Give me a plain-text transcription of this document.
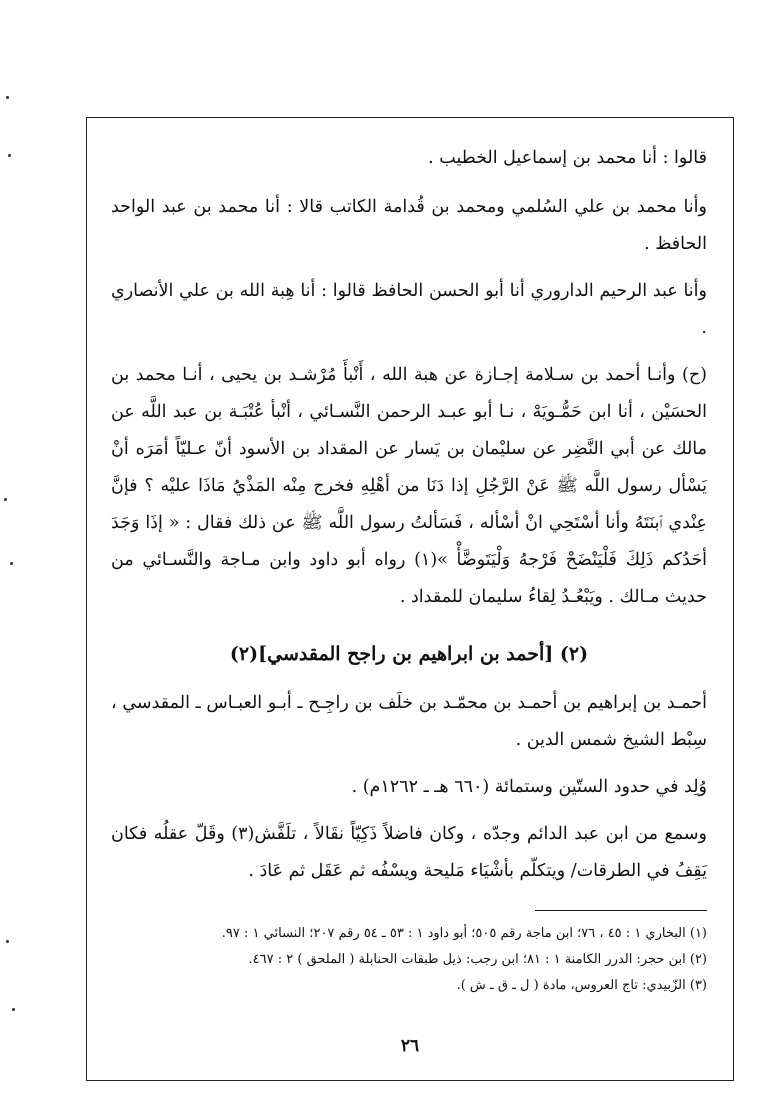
قالوا : أنا محمد بن إسماعيل الخطيب .

وأنا محمد بن علي السُلمي ومحمد بن قُدامة الكاتب قالا : أنا محمد بن عبد الواحد الحافظ .

وأنا عبد الرحيم الداروري أنا أبو الحسن الحافظ قالوا : أنا هِبة الله بن علي الأنصاري .

(ح) وأنـا أحمد بن سـلامة إجـازة عن هبة الله ، أَنْبأَ مُرْشـد بن يحيى ، أنـا محمد بن الحسَيْن ، أنا ابن حَمُّـويَهْ ، نـا أبو عبـد الرحمن النَّسـائي ، أنْبأ عُتْبَـة بن عبد اللَّه عن مالك عن أبي النَّضِر عن سليْمان بن يَسار عن المقداد بن الأسود أنّ عـليّاً أمَرَه أنْ يَسْأل رسول اللَّه ﷺ عَنْ الرَّجُلِ إذا دَنَا من أهْلِهِ فخرج مِنْه المَذْيُ مَاذَا عليْه ؟ فإنَّ عِنْدي ٱبنَتَهُ وأنا أسْتَحِي انْ أسْأله ، فَسَألتُ رسول اللَّه ﷺ عن ذلك فقال : « إذَا وَجَدَ أحَدُكم ذَلِكَ فَلْيَنْضَحْ فَرْجهُ وَلْيَتَوضَّأْ »(١) رواه أبو داود وابن مـاجة والنَّسـائي من حديث مـالك . ويَبْعُـدُ لِقاءُ سليمان للمقداد .

(٢) [أحمد بن ابراهيم بن راجح المقدسي](٢)

أحمـد بن إبراهيم بن أحمـد بن محمّـد بن خلَف بن راجِـح ـ أبـو العبـاس ـ المقدسي ، سِبْط الشيخ شمس الدين .

وُلِد في حدود الستّين وستمائة (٦٦٠ هـ ـ ١٢٦٢م) .

وسمع من ابن عبد الدائم وجدّه ، وكان فاضلاً ذَكِيّاً نقَالاً ، تلَفَّش(٣) وقَلّ عقلُه فكان يَقِفُ في الطرقات/ ويتكلّم بأشْيَاء مَليحة ويسْفُه ثم عَقَل ثم عَادَ .

(١) البخاري ١ : ٤٥ ، ٧٦؛ ابن ماجة رقم ٥٠٥؛ أبو داود ١ : ٥٣ ـ ٥٤ رقم ٢٠٧؛ النسائي ١ : ٩٧.
(٢) ابن حجر: الدرر الكامنة ١ : ٨١؛ ابن رجب: ذيل طبقات الحنابلة ( الملحق ) ٢ : ٤٦٧.
(٣) الزّبيدي: تاج العروس، مادة ( ل ـ ق ـ ش ).
٢٦
